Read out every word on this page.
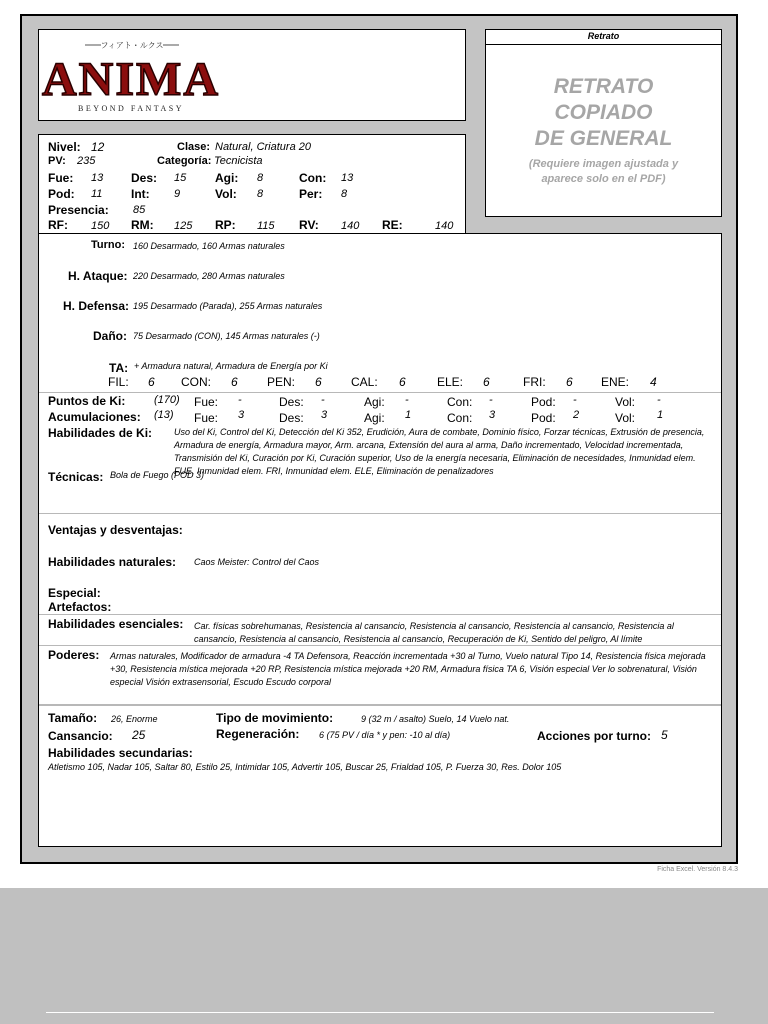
フィアト・ルクス
ANIMA
BEYOND FANTASY
Retrato
RETRATO
COPIADO
DE GENERAL
(Requiere imagen ajustada y
aparece solo en el PDF)
Nivel: 12	Clase: Natural, Criatura 20
PV: 235	Categoría: Tecnicista
Fue: 13 Des: 15 Agi: 8	Con: 13
Pod: 11 Int: 9	Vol: 8	Per: 8
Presencia: 85
RF: 150 RM: 125 RP: 115 RV: 140 RE:	140
Turno: 160 Desarmado, 160 Armas naturales
H. Ataque: 220 Desarmado, 280 Armas naturales
H. Defensa: 195 Desarmado (Parada), 255 Armas naturales
Daño: 75 Desarmado (CON), 145 Armas naturales (-)
TA: + Armadura natural, Armadura de Energía por Ki
FIL: 6 CON: 6 PEN: 6 CAL: 6	ELE: 6	FRI: 6 ENE: 4
Puntos de Ki:	(170) Fue: -	Des: -	Agi: -	Con: -	Pod: -	Vol: -
Acumulaciones: (13) Fue: 3	Des: 3	Agi: 1	Con: 3	Pod: 2	Vol: 1
Habilidades de Ki: Uso del Ki, Control del Ki, Detección del Ki 352, Erudición, Aura de combate, Dominio físico, Forzar técnicas, Extrusión de presencia, Armadura de energía, Armadura mayor, Arm. arcana, Extensión del aura al arma, Daño incrementado, Velocidad incrementada, Transmisión del Ki, Curación por Ki, Curación superior, Uso de la energía necesaria, Eliminación de necesidades, Inmunidad elem. FUE, Inmunidad elem. FRI, Inmunidad elem. ELE, Eliminación de penalizadores
Técnicas: Bola de Fuego (POD 3)
Ventajas y desventajas:
Habilidades naturales: Caos Meister: Control del Caos
Especial:
Artefactos:
Habilidades esenciales: Car. físicas sobrehumanas, Resistencia al cansancio, Resistencia al cansancio, Resistencia al cansancio, Resistencia al cansancio, Resistencia al cansancio, Resistencia al cansancio, Recuperación de Ki, Sentido del peligro, Al límite
Poderes: Armas naturales, Modificador de armadura -4 TA Defensora, Reacción incrementada +30 al Turno, Vuelo natural Tipo 14, Resistencia física mejorada +30, Resistencia mística mejorada +20 RP, Resistencia mística mejorada +20 RM, Armadura física TA 6, Visión especial Ver lo sobrenatural, Visión especial Visión extrasensorial, Escudo Escudo corporal
Tamaño: 26, Enorme	Tipo de movimiento:	9 (32 m / asalto) Suelo, 14 Vuelo nat.
Cansancio: 25	Regeneración: 6 (75 PV / día * y pen: -10 al día)	Acciones por turno: 5
Habilidades secundarias:
Atletismo 105, Nadar 105, Saltar 80, Estilo 25, Intimidar 105, Advertir 105, Buscar 25, Frialdad 105, P. Fuerza 30, Res. Dolor 105
Ficha Excel. Versión 8.4.3
